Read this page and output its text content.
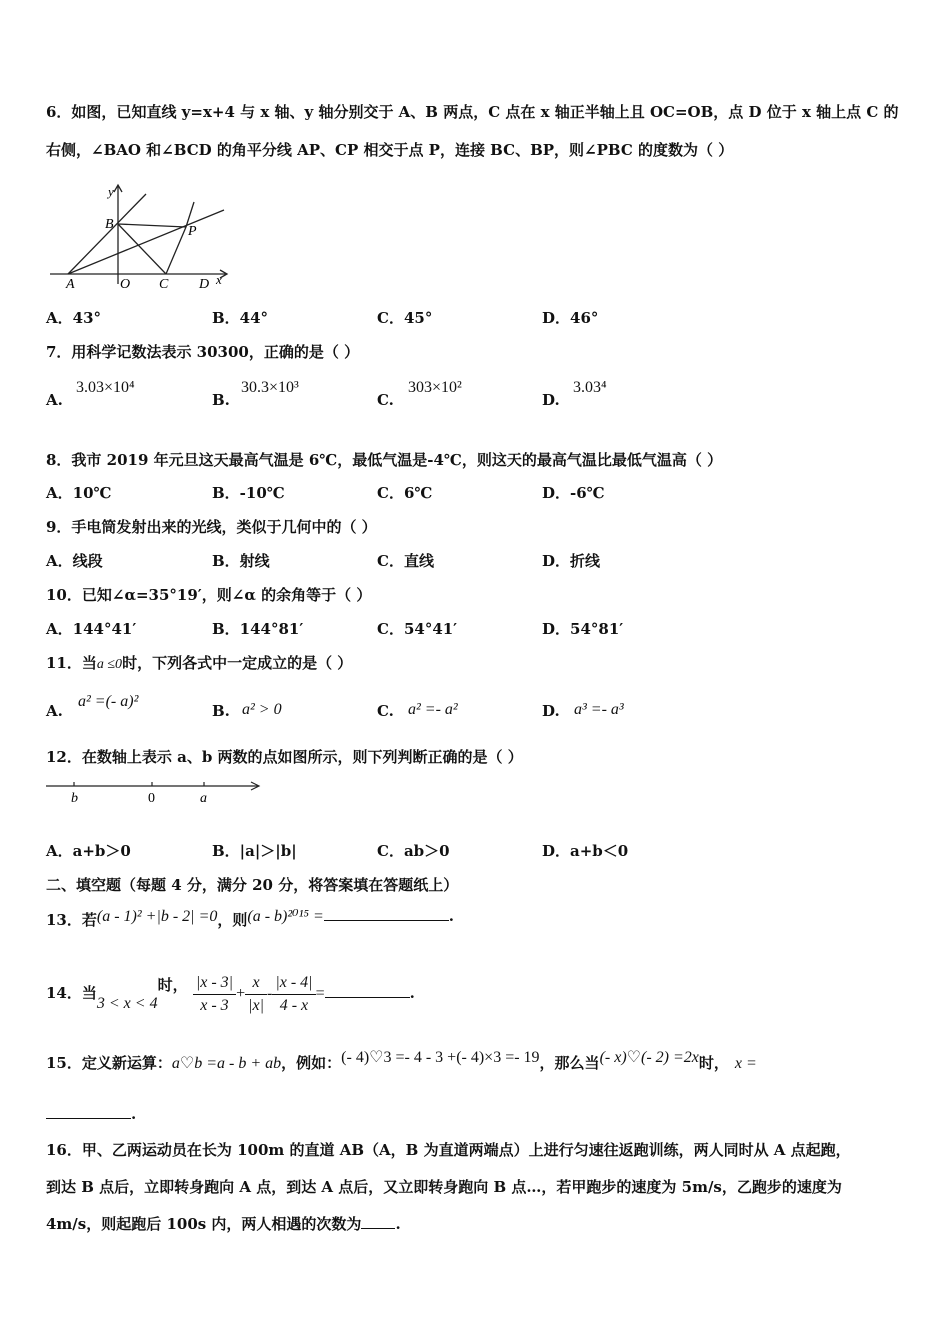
6．如图，已知直线 y=x+4 与 x 轴、y 轴分别交于 A、B 两点，C 点在 x 轴正半轴上且 OC=OB，点 D 位于 x 轴上点 C 的
右侧，∠BAO 和∠BCD 的角平分线 AP、CP 相交于点 P，连接 BC、BP，则∠PBC 的度数为（ ）
y
B	P
A	O C D x
A．43°	B．44°	C．45°	D．46°
7．用科学记数法表示 30300，正确的是（ ）
A.
3.03×10⁴
B.
30.3×10³
C.
303×10²
D.
3.03⁴
8．我市 2019 年元旦这天最高气温是 6℃，最低气温是-4℃，则这天的最高气温比最低气温高（ ）
A．10℃	B．-10℃	C．6℃	D．-6℃
9．手电筒发射出来的光线，类似于几何中的（ ）
A．线段	B．射线	C．直线	D．折线
10．已知∠α=35°19′，则∠α 的余角等于（ ）
A．144°41′	B．144°81′	C．54°41′	D．54°81′
11．当a ≤0时，下列各式中一定成立的是（ ）
A.
a² =(- a)²
B. a² > 0	C. a² =- a²	D. a³ =- a³
12．在数轴上表示 a、b 两数的点如图所示，则下列判断正确的是（ ）
b	0	a
A．a+b＞0	B．|a|＞|b|	C．ab＞0	D．a+b＜0
二、填空题（每题 4 分，满分 20 分，将答案填在答题纸上）
13．若(a - 1)² +|b - 2| =0，则(a - b)²⁰¹⁵ =	.
14．当3 < x < 4时， $\frac{|x - 3|}{x - 3} + \frac{x}{|x|} - \frac{|x - 4|}{4 - x}$ =	.
15．定义新运算：a♡b =a - b + ab，例如：(- 4)♡3 =- 4 - 3 +(- 4)×3 =- 19，那么当(- x)♡(- 2) =2x时， x =
.
16．甲、乙两运动员在长为 100m 的直道 AB（A，B 为直道两端点）上进行匀速往返跑训练，两人同时从 A 点起跑，
到达 B 点后，立即转身跑向 A 点，到达 A 点后，又立即转身跑向 B 点…，若甲跑步的速度为 5m/s，乙跑步的速度为
4m/s，则起跑后 100s 内，两人相遇的次数为 .
